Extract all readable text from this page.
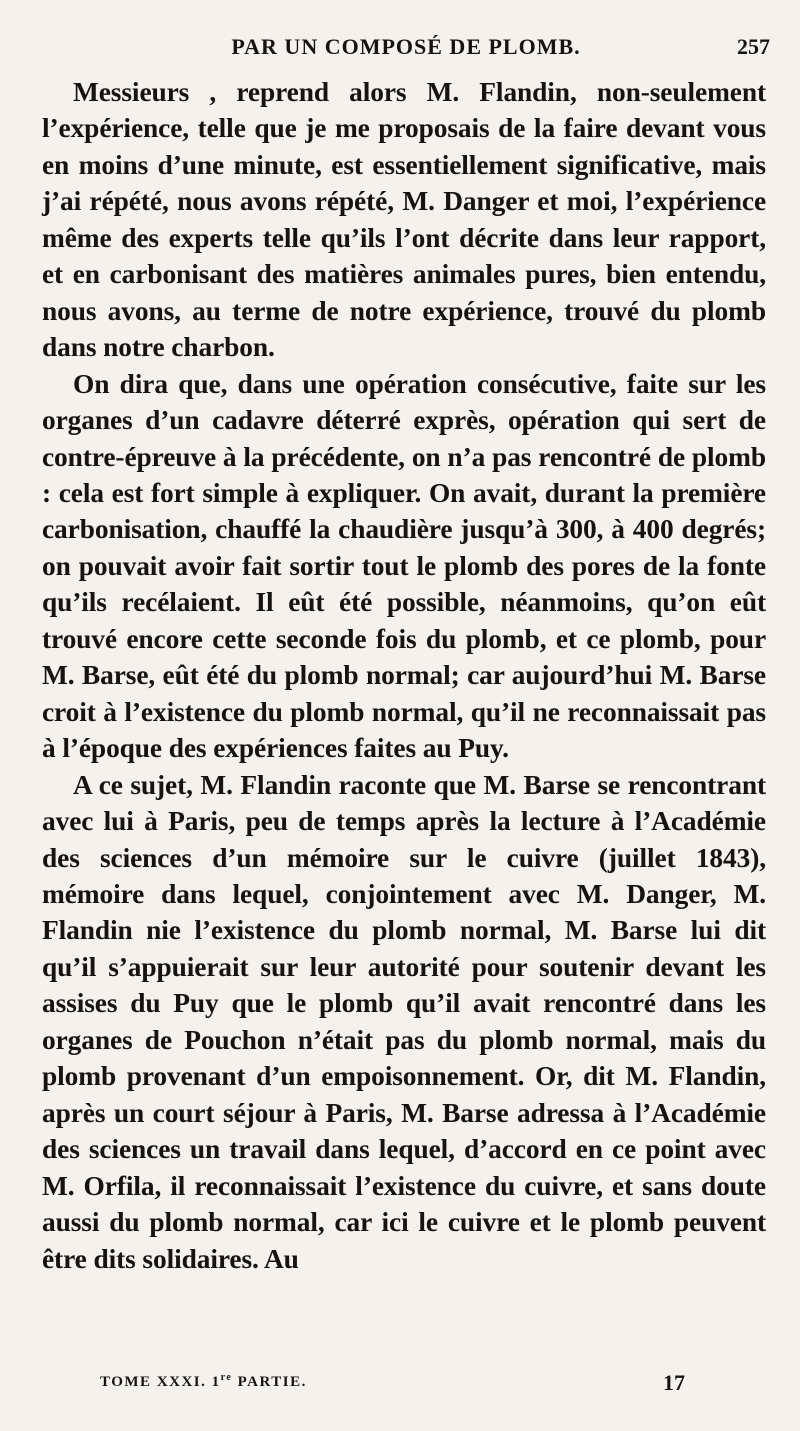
PAR UN COMPOSÉ DE PLOMB.	257

Messieurs , reprend alors M. Flandin, non-seulement l’expérience, telle que je me proposais de la faire devant vous en moins d’une minute, est essentiellement significative, mais j’ai répété, nous avons répété, M. Danger et moi, l’expérience même des experts telle qu’ils l’ont décrite dans leur rapport, et en carbonisant des matières animales pures, bien entendu, nous avons, au terme de notre expérience, trouvé du plomb dans notre charbon.

On dira que, dans une opération consécutive, faite sur les organes d’un cadavre déterré exprès, opération qui sert de contre-épreuve à la précédente, on n’a pas rencontré de plomb : cela est fort simple à expliquer. On avait, durant la première carbonisation, chauffé la chaudière jusqu’à 300, à 400 degrés; on pouvait avoir fait sortir tout le plomb des pores de la fonte qu’ils recélaient. Il eût été possible, néanmoins, qu’on eût trouvé encore cette seconde fois du plomb, et ce plomb, pour M. Barse, eût été du plomb normal; car aujourd’hui M. Barse croit à l’existence du plomb normal, qu’il ne reconnaissait pas à l’époque des expériences faites au Puy.

A ce sujet, M. Flandin raconte que M. Barse se rencontrant avec lui à Paris, peu de temps après la lecture à l’Académie des sciences d’un mémoire sur le cuivre (juillet 1843), mémoire dans lequel, conjointement avec M. Danger, M. Flandin nie l’existence du plomb normal, M. Barse lui dit qu’il s’appuierait sur leur autorité pour soutenir devant les assises du Puy que le plomb qu’il avait rencontré dans les organes de Pouchon n’était pas du plomb normal, mais du plomb provenant d’un empoisonnement. Or, dit M. Flandin, après un court séjour à Paris, M. Barse adressa à l’Académie des sciences un travail dans lequel, d’accord en ce point avec M. Orfila, il reconnaissait l’existence du cuivre, et sans doute aussi du plomb normal, car ici le cuivre et le plomb peuvent être dits solidaires. Au

TOME XXXI. 1re PARTIE.	17
